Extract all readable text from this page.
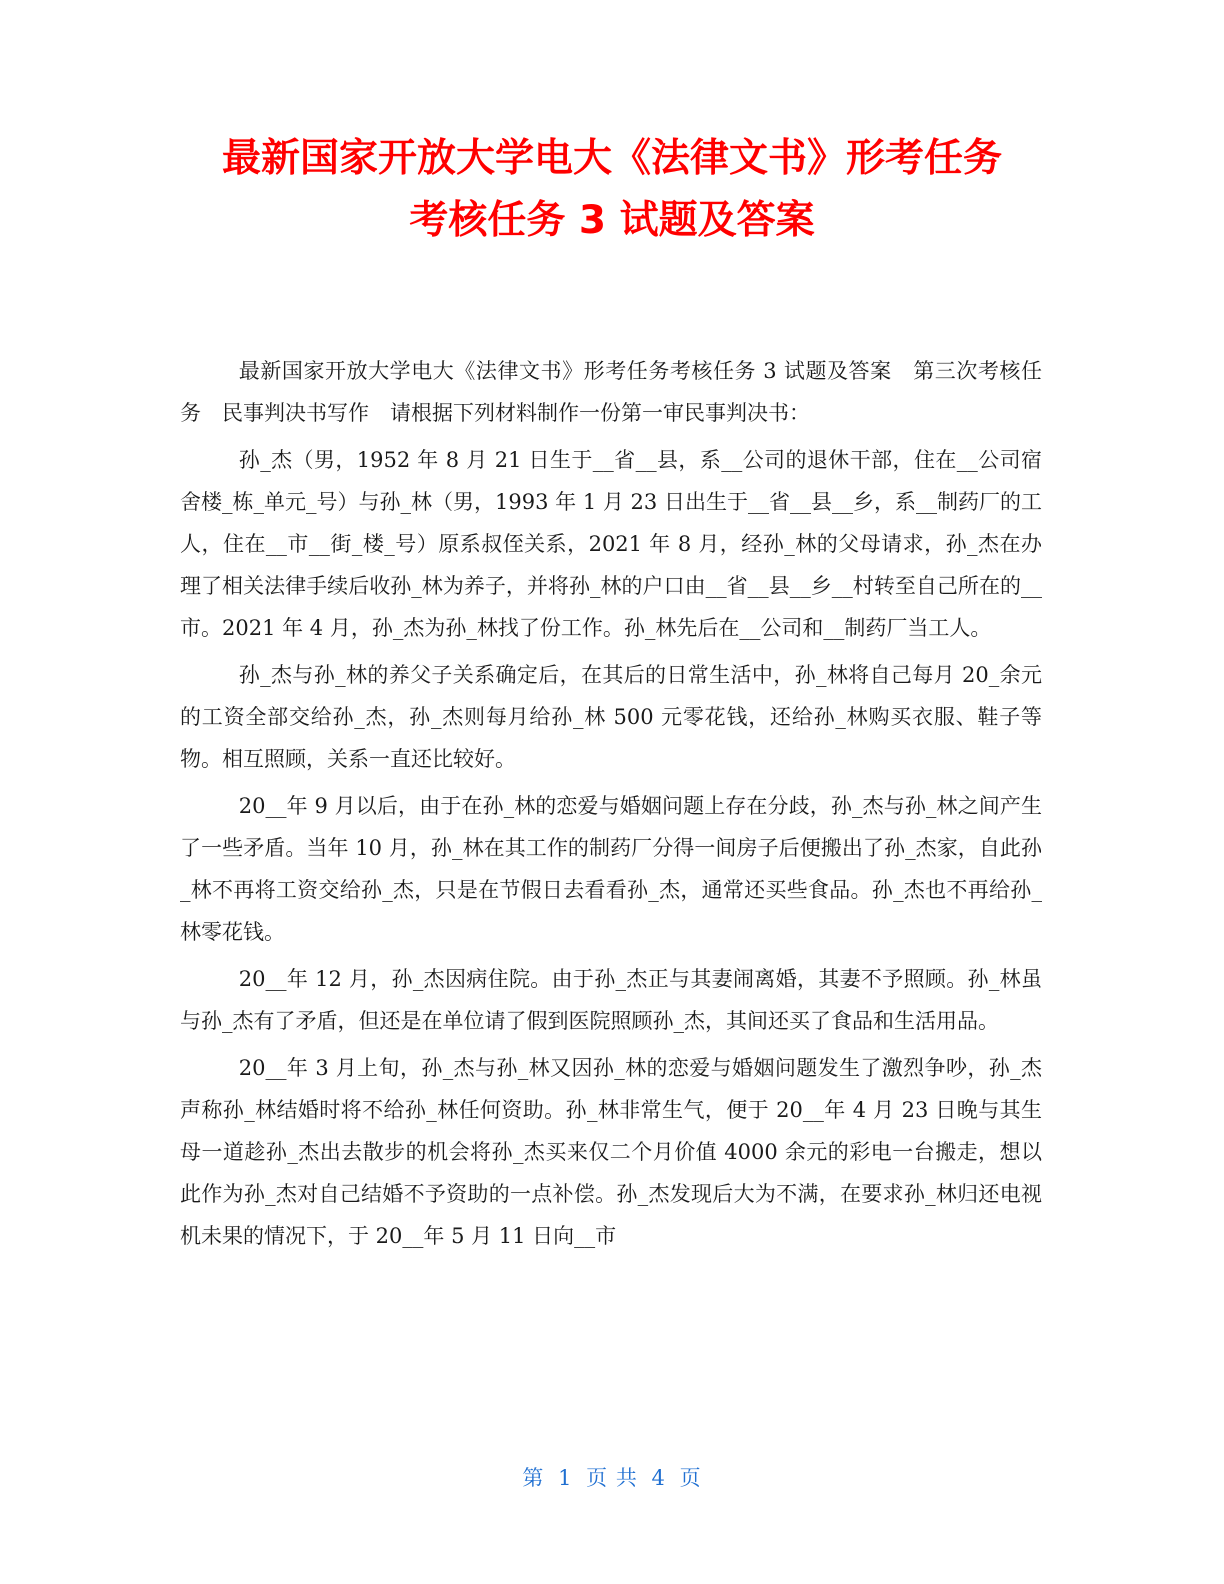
最新国家开放大学电大《法律文书》形考任务
考核任务 3 试题及答案

最新国家开放大学电大《法律文书》形考任务考核任务 3 试题及答案　第三次考核任务　民事判决书写作　请根据下列材料制作一份第一审民事判决书：

孙_杰（男，1952 年 8 月 21 日生于__省__县，系__公司的退休干部，住在__公司宿舍楼_栋_单元_号）与孙_林（男，1993 年 1 月 23 日出生于__省__县__乡，系__制药厂的工人，住在__市__街_楼_号）原系叔侄关系，2021 年 8 月，经孙_林的父母请求，孙_杰在办理了相关法律手续后收孙_林为养子，并将孙_林的户口由__省__县__乡__村转至自己所在的__市。2021 年 4 月，孙_杰为孙_林找了份工作。孙_林先后在__公司和__制药厂当工人。

孙_杰与孙_林的养父子关系确定后，在其后的日常生活中，孙_林将自己每月 20_余元的工资全部交给孙_杰，孙_杰则每月给孙_林 500 元零花钱，还给孙_林购买衣服、鞋子等物。相互照顾，关系一直还比较好。

20__年 9 月以后，由于在孙_林的恋爱与婚姻问题上存在分歧，孙_杰与孙_林之间产生了一些矛盾。当年 10 月，孙_林在其工作的制药厂分得一间房子后便搬出了孙_杰家，自此孙_林不再将工资交给孙_杰，只是在节假日去看看孙_杰，通常还买些食品。孙_杰也不再给孙_林零花钱。

20__年 12 月，孙_杰因病住院。由于孙_杰正与其妻闹离婚，其妻不予照顾。孙_林虽与孙_杰有了矛盾，但还是在单位请了假到医院照顾孙_杰，其间还买了食品和生活用品。

20__年 3 月上旬，孙_杰与孙_林又因孙_林的恋爱与婚姻问题发生了激烈争吵，孙_杰声称孙_林结婚时将不给孙_林任何资助。孙_林非常生气，便于 20__年 4 月 23 日晚与其生母一道趁孙_杰出去散步的机会将孙_杰买来仅二个月价值 4000 余元的彩电一台搬走，想以此作为孙_杰对自己结婚不予资助的一点补偿。孙_杰发现后大为不满，在要求孙_林归还电视机未果的情况下，于 20__年 5 月 11 日向__市

第 1 页 共 4 页
